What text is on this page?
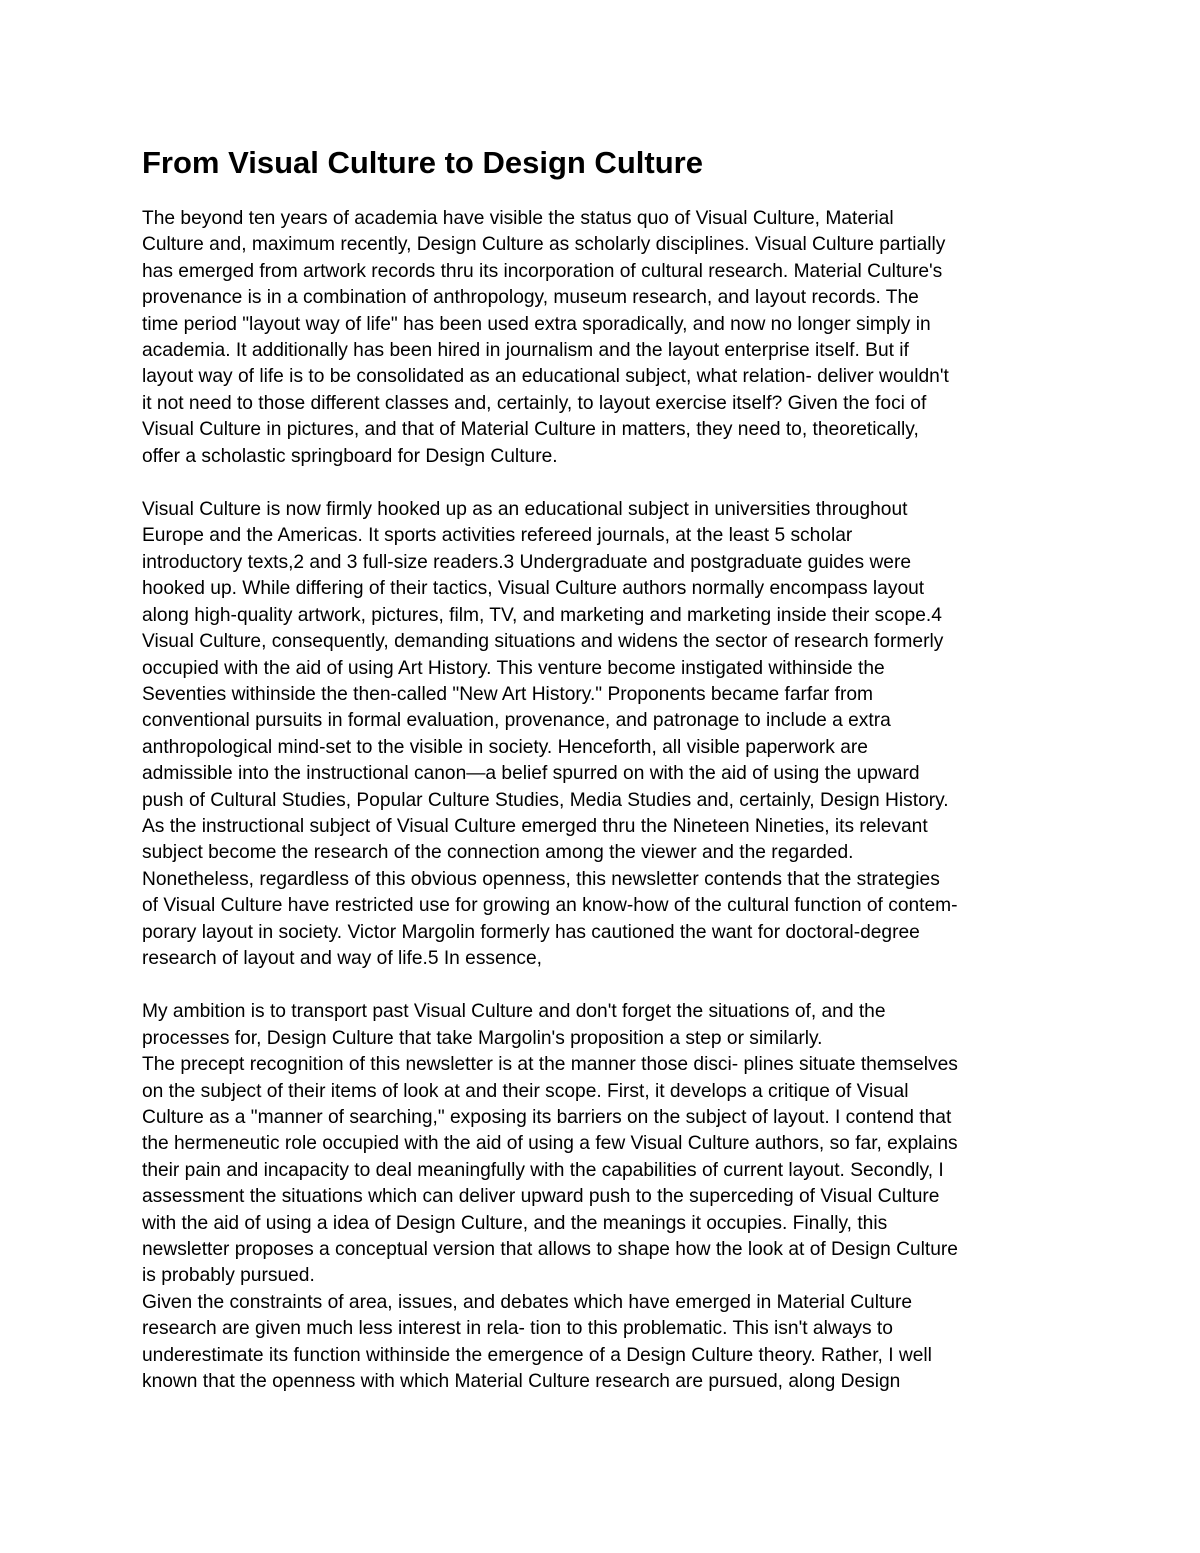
From Visual Culture to Design Culture
The beyond ten years of academia have visible the status quo of Visual Culture, Material
Culture and, maximum recently, Design Culture as scholarly disciplines. Visual Culture partially
has emerged from artwork records thru its incorporation of cultural research. Material Culture's
provenance is in a combination of anthropology, museum research, and layout records. The
time period "layout way of life" has been used extra sporadically, and now no longer simply in
academia. It additionally has been hired in journalism and the layout enterprise itself. But if
layout way of life is to be consolidated as an educational subject, what relation- deliver wouldn't
it not need to those different classes and, certainly, to layout exercise itself? Given the foci of
Visual Culture in pictures, and that of Material Culture in matters, they need to, theoretically,
offer a scholastic springboard for Design Culture.
Visual Culture is now firmly hooked up as an educational subject in universities throughout
Europe and the Americas. It sports activities refereed journals, at the least 5 scholar
introductory texts,2 and 3 full-size readers.3 Undergraduate and postgraduate guides were
hooked up. While differing of their tactics, Visual Culture authors normally encompass layout
along high-quality artwork, pictures, film, TV, and marketing and marketing inside their scope.4
Visual Culture, consequently, demanding situations and widens the sector of research formerly
occupied with the aid of using Art History. This venture become instigated withinside the
Seventies withinside the then-called "New Art History." Proponents became farfar from
conventional pursuits in formal evaluation, provenance, and patronage to include a extra
anthropological mind-set to the visible in society. Henceforth, all visible paperwork are
admissible into the instructional canon—a belief spurred on with the aid of using the upward
push of Cultural Studies, Popular Culture Studies, Media Studies and, certainly, Design History.
As the instructional subject of Visual Culture emerged thru the Nineteen Nineties, its relevant
subject become the research of the connection among the viewer and the regarded.
Nonetheless, regardless of this obvious openness, this newsletter contends that the strategies
of Visual Culture have restricted use for growing an know-how of the cultural function of contem-
porary layout in society. Victor Margolin formerly has cautioned the want for doctoral-degree
research of layout and way of life.5 In essence,
My ambition is to transport past Visual Culture and don't forget the situations of, and the
processes for, Design Culture that take Margolin's proposition a step or similarly.
The precept recognition of this newsletter is at the manner those disci- plines situate themselves
on the subject of their items of look at and their scope. First, it develops a critique of Visual
Culture as a "manner of searching," exposing its barriers on the subject of layout. I contend that
the hermeneutic role occupied with the aid of using a few Visual Culture authors, so far, explains
their pain and incapacity to deal meaningfully with the capabilities of current layout. Secondly, I
assessment the situations which can deliver upward push to the superceding of Visual Culture
with the aid of using a idea of Design Culture, and the meanings it occupies. Finally, this
newsletter proposes a conceptual version that allows to shape how the look at of Design Culture
is probably pursued.
Given the constraints of area, issues, and debates which have emerged in Material Culture
research are given much less interest in rela- tion to this problematic. This isn't always to
underestimate its function withinside the emergence of a Design Culture theory. Rather, I well
known that the openness with which Material Culture research are pursued, along Design
